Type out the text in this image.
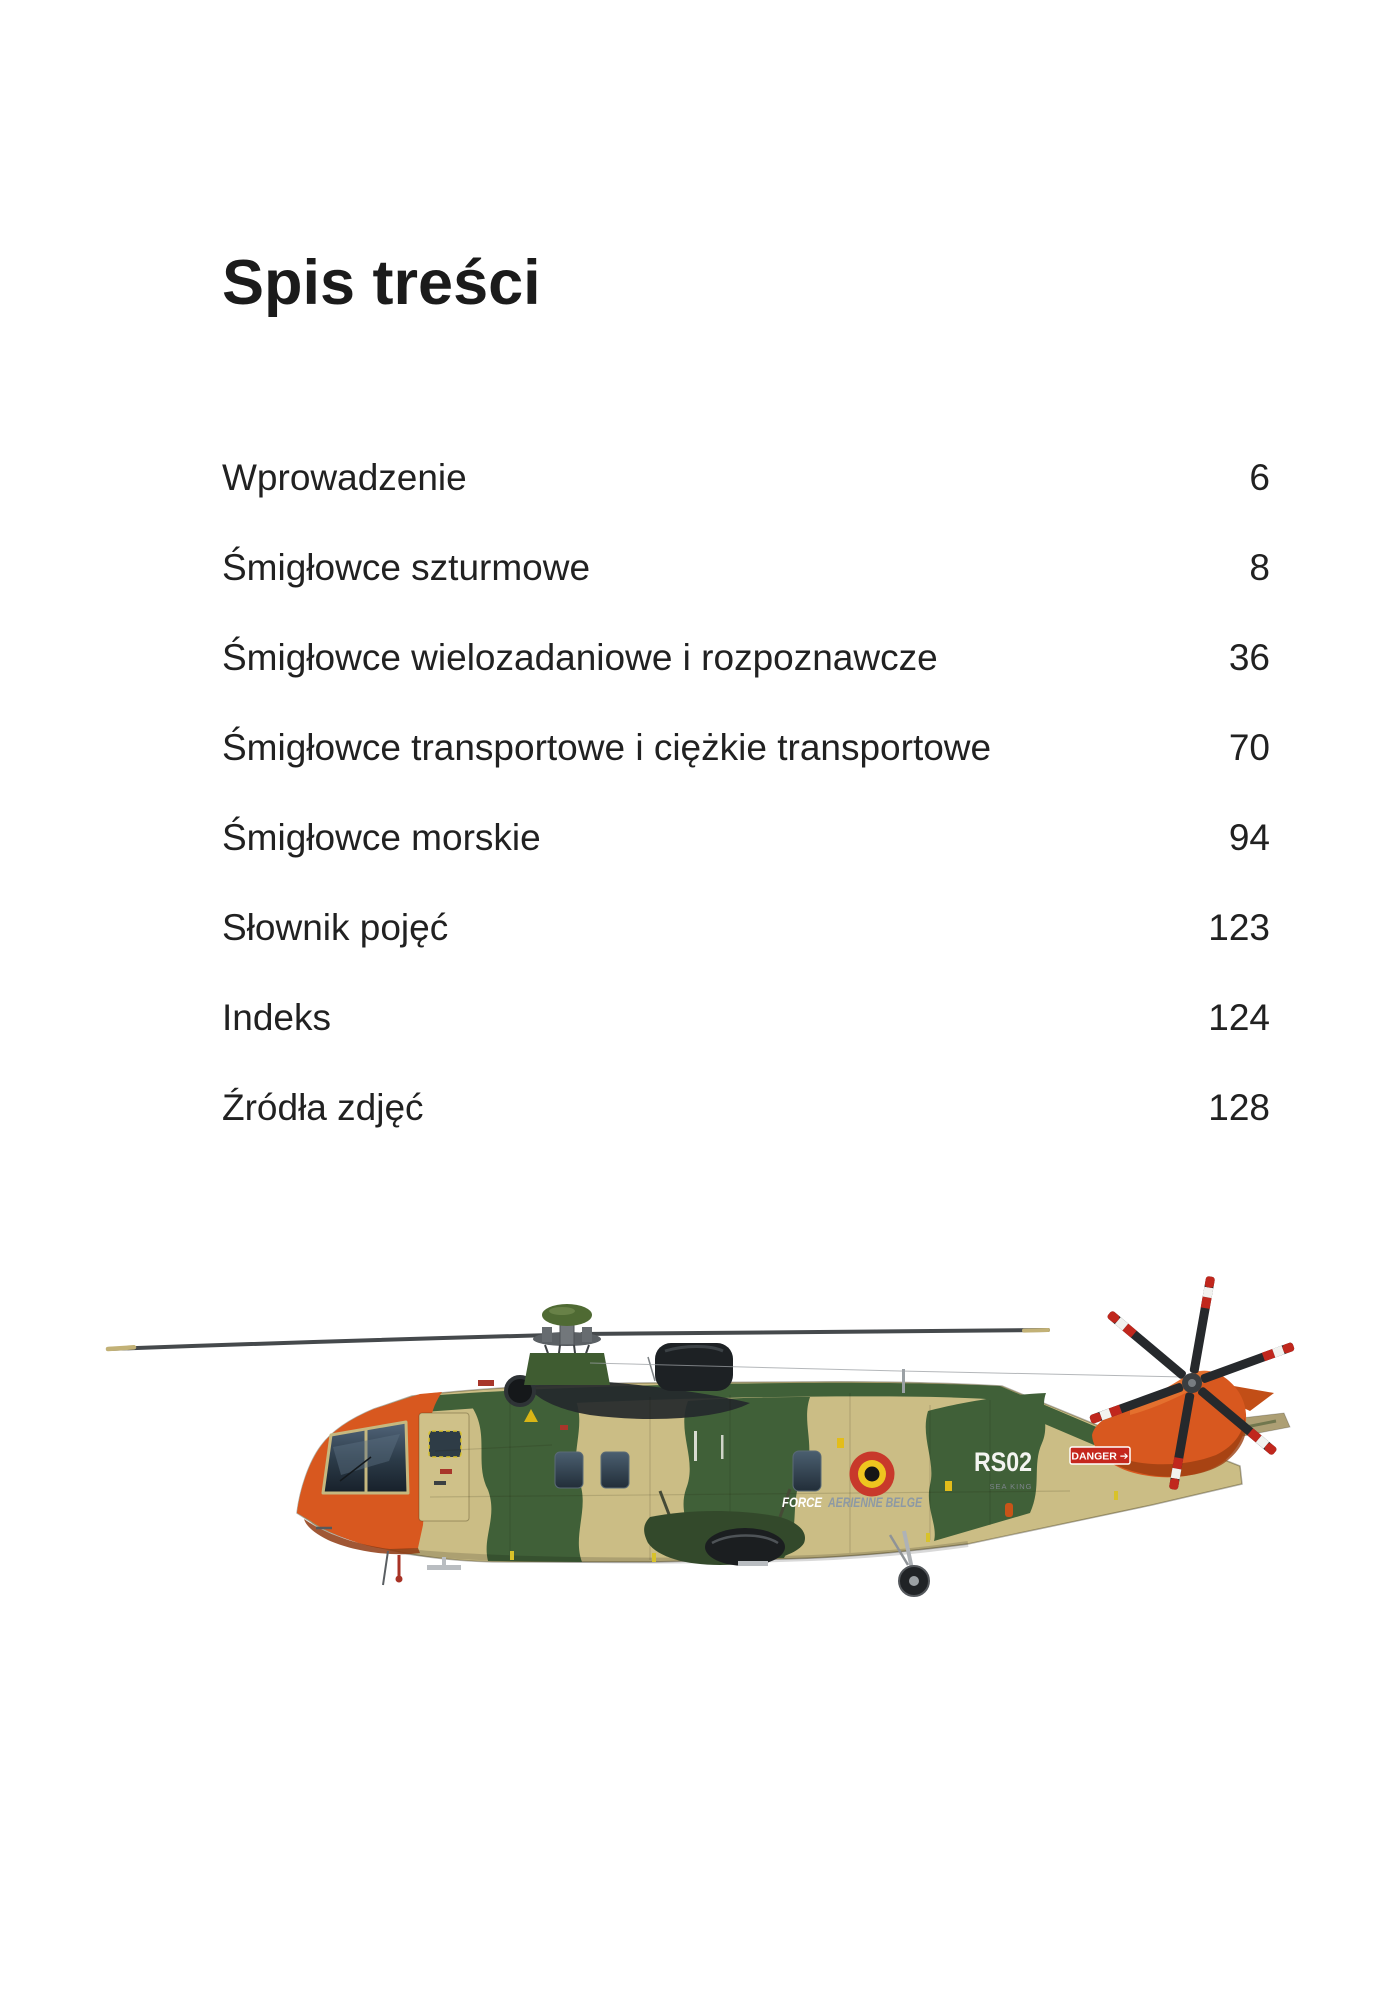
Spis treści
Wprowadzenie	6
Śmigłowce szturmowe	8
Śmigłowce wielozadaniowe i rozpoznawcze	36
Śmigłowce transportowe i ciężkie transportowe	70
Śmigłowce morskie	94
Słownik pojęć	123
Indeks	124
Źródła zdjęć	128
DANGER ➔
RS02
SEA KING
FORCE AERIENNE BELGE
